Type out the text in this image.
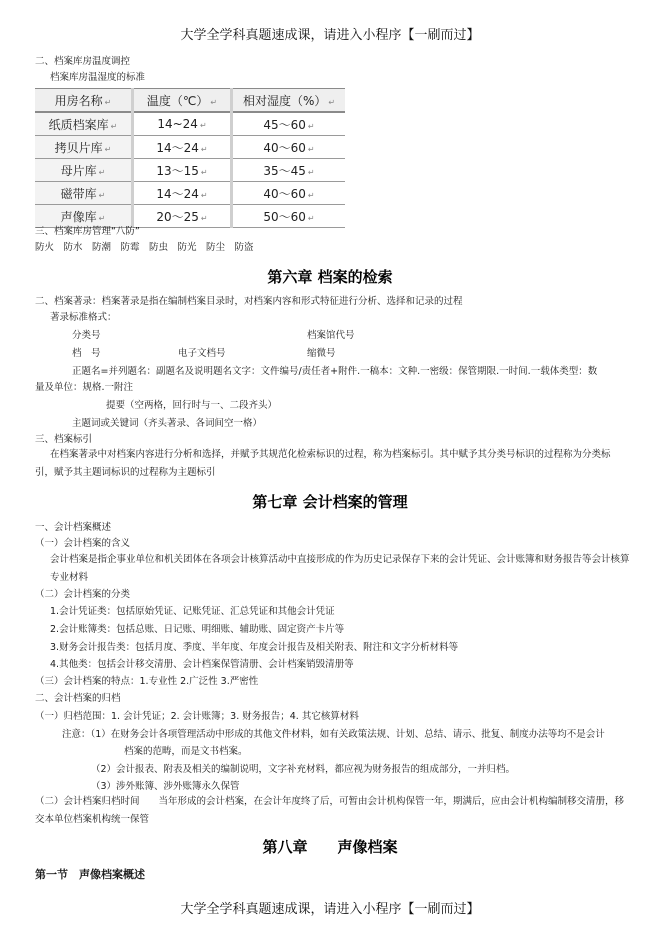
大学全学科真题速成课，请进入小程序【一刷而过】
二、档案库房温度调控
档案库房温湿度的标准
用房名称 ↵	温度（℃） ↵	相对湿度（%） ↵
纸质档案库 ↵	14~24 ↵	45～60 ↵
拷贝片库 ↵	14～24 ↵	40～60 ↵
母片库 ↵	13～15 ↵	35～45 ↵
磁带库 ↵	14～24 ↵	40～60 ↵
声像库 ↵	20～25 ↵	50～60 ↵
三、档案库房管理“八防”
防火　防水　防潮　防霉　防虫　防光　防尘　防盗
第六章 档案的检索
二、档案著录：档案著录是指在编制档案目录时，对档案内容和形式特征进行分析、选择和记录的过程
著录标准格式：
分类号	档案馆代号
档　号	电子文档号	缩微号
正题名=并列题名：副题名及说明题名文字：文件编号/责任者+附件.一稿本：文种.一密级：保管期限.一时间.一载体类型：数
量及单位：规格.一附注
提要（空两格，回行时与一、二段齐头）
主题词或关键词（齐头著录、各词间空一格）
三、档案标引
在档案著录中对档案内容进行分析和选择，并赋予其规范化检索标识的过程，称为档案标引。其中赋予其分类号标识的过程称为分类标引，赋予其主题词标识的过程称为主题标引
第七章 会计档案的管理
一、会计档案概述
（一）会计档案的含义
会计档案是指企事业单位和机关团体在各项会计核算活动中直接形成的作为历史记录保存下来的会计凭证、会计账簿和财务报告等会计核算专业材料
（二）会计档案的分类
1.会计凭证类：包括原始凭证、记账凭证、汇总凭证和其他会计凭证
2.会计账簿类：包括总账、日记账、明细账、辅助账、固定资产卡片等
3.财务会计报告类：包括月度、季度、半年度、年度会计报告及相关附表、附注和文字分析材料等
4.其他类：包括会计移交清册、会计档案保管清册、会计档案销毁清册等
（三）会计档案的特点：1.专业性 2.广泛性 3.严密性
二、会计档案的归档
（一）归档范围：1. 会计凭证；2. 会计账簿；3. 财务报告；4. 其它核算材料
注意：（1）在财务会计各项管理活动中形成的其他文件材料，如有关政策法规、计划、总结、请示、批复、制度办法等均不是会计
档案的范畴，而是文书档案。
（2）会计报表、附表及相关的编制说明，文字补充材料，都应视为财务报告的组成部分，一并归档。
（3）涉外账簿、涉外账簿永久保管
（二）会计档案归档时间　　当年形成的会计档案，在会计年度终了后，可暂由会计机构保管一年，期满后，应由会计机构编制移交清册，移交本单位档案机构统一保管
第八章　　声像档案
第一节　声像档案概述
大学全学科真题速成课，请进入小程序【一刷而过】
